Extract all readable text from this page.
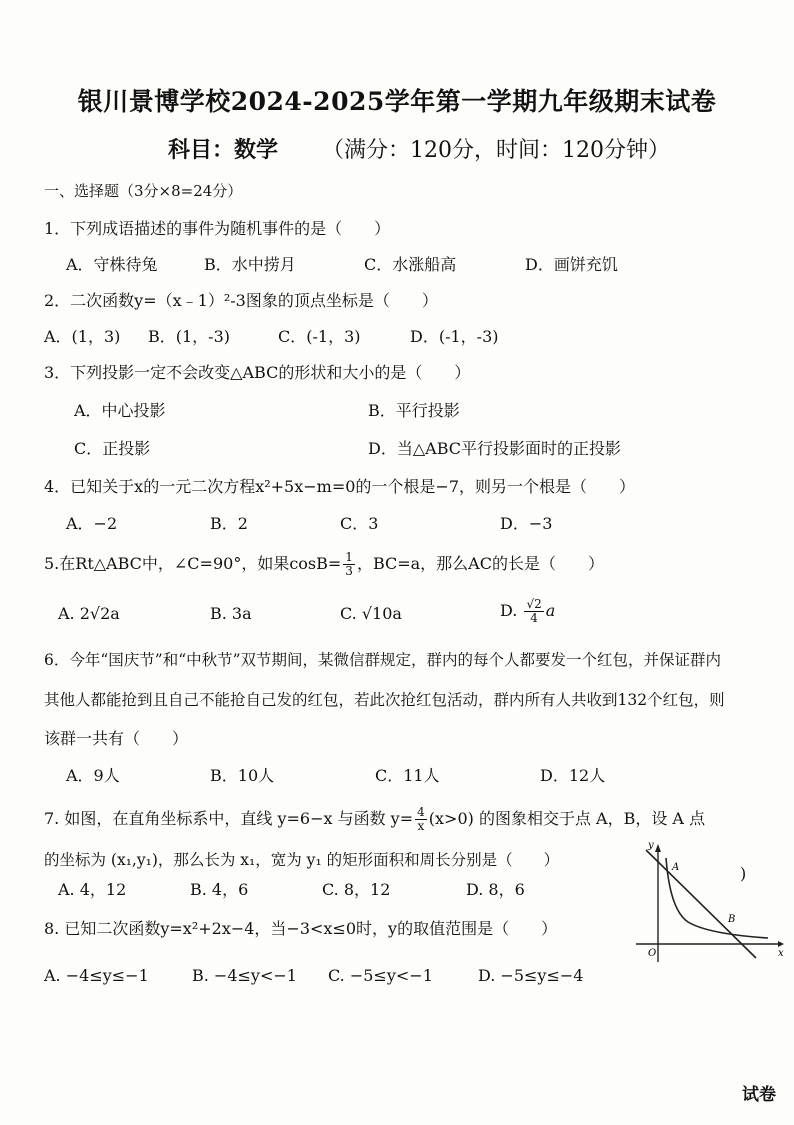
银川景博学校2024-2025学年第一学期九年级期末试卷
科目：数学 （满分：120分，时间：120分钟）
一、选择题（3分×8=24分）
1．下列成语描述的事件为随机事件的是（　　）
A．守株待兔	B．水中捞月	C．水涨船高	D．画饼充饥
2．二次函数y=（x﹣1）²-3图象的顶点坐标是（　　）
A．(1，3) B．(1，-3)	C．(-1，3)	D．(-1，-3)
3．下列投影一定不会改变△ABC的形状和大小的是（　　）
A．中心投影	B．平行投影
C．正投影	D．当△ABC平行投影面时的正投影
4．已知关于x的一元二次方程x²+5x−m=0的一个根是−7，则另一个根是（　　）
A．−2	B．2	C．3	D．−3
5.在Rt△ABC中，∠C=90°，如果$\cos B= \frac{1}{3}$ ，BC=a，那么AC的长是（　　）
A. 2√2a	B. 3a	C. √10a	D. $\frac{√2}{4}$ a
6．今年“国庆节”和“中秋节”双节期间，某微信群规定，群内的每个人都要发一个红包，并保证群内
其他人都能抢到且自己不能抢自己发的红包，若此次抢红包活动，群内所有人共收到132个红包，则
该群一共有（　　）
A．9人	B．10人	C．11人	D．12人
7. 如图，在直角坐标系中，直线 y=6−x 与函数 $y= \frac{4}{x} (x>0)$ 的图象相交于点 A，B，设 A 点
的坐标为 (x₁,y₁)，那么长为 x₁，宽为 y₁ 的矩形面积和周长分别是（　　）
A. 4，12	B. 4，6	C. 8，12	D. 8，6
)
y
x
O
A
B
8. 已知二次函数y=x²+2x−4，当−3<x≤0时，y的取值范围是（　　）
A. −4≤y≤−1	B. −4≤y<−1 C. −5≤y<−1	D. −5≤y≤−4
试卷
